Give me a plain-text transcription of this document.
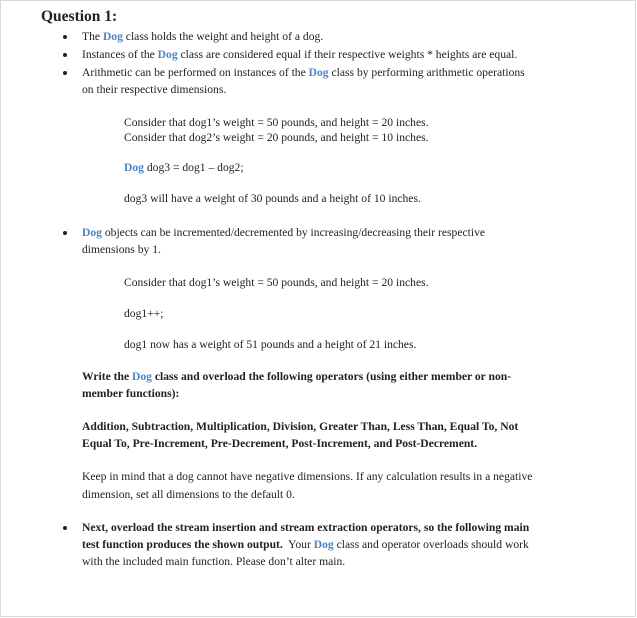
Question 1:
The Dog class holds the weight and height of a dog.
Instances of the Dog class are considered equal if their respective weights * heights are equal.
Arithmetic can be performed on instances of the Dog class by performing arithmetic operations
on their respective dimensions.
Consider that dog1’s weight = 50 pounds, and height = 20 inches.
Consider that dog2’s weight = 20 pounds, and height = 10 inches.
Dog dog3 = dog1 – dog2;
dog3 will have a weight of 30 pounds and a height of 10 inches.
Dog objects can be incremented/decremented by increasing/decreasing their respective
dimensions by 1.
Consider that dog1’s weight = 50 pounds, and height = 20 inches.
dog1++;
dog1 now has a weight of 51 pounds and a height of 21 inches.
Write the Dog class and overload the following operators (using either member or non-
member functions):
Addition, Subtraction, Multiplication, Division, Greater Than, Less Than, Equal To, Not
Equal To, Pre-Increment, Pre-Decrement, Post-Increment, and Post-Decrement.
Keep in mind that a dog cannot have negative dimensions. If any calculation results in a negative
dimension, set all dimensions to the default 0.
Next, overload the stream insertion and stream extraction operators, so the following main
test function produces the shown output.  Your Dog class and operator overloads should work
with the included main function. Please don’t alter main.
